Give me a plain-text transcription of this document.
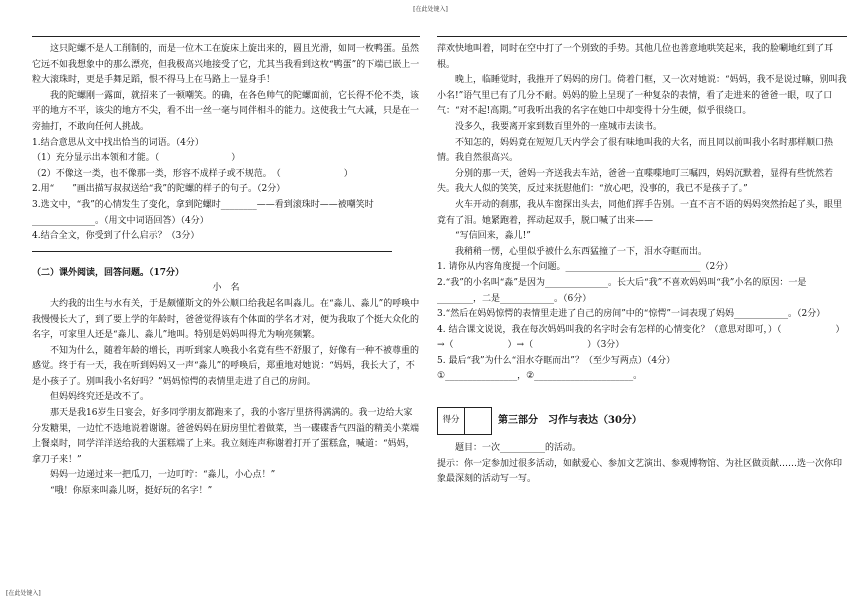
[在此处键入]

这只陀螺不是人工削制的，而是一位木工在旋床上旋出来的，圆且光滑，如同一枚鸭蛋。虽然它远不如我想象中的那么漂亮，但我极高兴地接受了它，尤其当我看到这枚“鸭蛋”的下端已嵌上一粒大滚珠时，更是手舞足蹈，恨不得马上在马路上一显身手！

我的陀螺刚一露面，就招来了一顿嘲笑。的确，在各色帅气的陀螺面前，它长得不伦不类，该平的地方不平，该尖的地方不尖，看不出一丝一毫与同伴相斗的能力。这使我士气大减，只是在一旁抽打，不敢向任何人挑战。

1.结合意思从文中找出恰当的词语。（4分）

（1）充分显示出本领和才能。（　　　　　　　　）

（2）不像这一类，也不像那一类，形容不成样子或不规范。　（　　　　　　　）

2.用“　　”画出描写叔叔送给“我”的陀螺的样子的句子。（2分）

3.选文中，“我”的心情发生了变化，拿到陀螺时________——看到滚珠时——被嘲笑时______________。（用文中词语回答）（4分）

4.结合全文，你受到了什么启示？（3分）

（二）课外阅读，回答问题。（17分）

小　名

大约我的出生与水有关，于是颇懂斯文的外公顺口给我起名叫淼儿。在“淼儿、淼儿”的呼唤中我慢慢长大了，到了要上学的年龄时，爸爸觉得该有个体面的学名才对，便为我取了个挺大众化的名字，可家里人还是“淼儿、淼儿”地叫。特别是妈妈叫得尤为响亮频繁。

不知为什么，随着年龄的增长，再听到家人唤我小名竟有些不舒服了，好像有一种不被尊重的感觉。终于有一天，我在听到妈妈又一声“淼儿”的呼唤后，郑重地对她说：“妈妈，我长大了，不是小孩子了。别叫我小名好吗？”妈妈惊愕的表情里走进了自己的房间。

但妈妈终究还是改不了。

那天是我16岁生日宴会，好多同学朋友都跑来了，我的小客厅里挤得满满的。我一边给大家分发糖果，一边忙不迭地说着谢谢。爸爸妈妈在厨房里忙着做菜，当一碟碟香气四溢的精美小菜端上餐桌时，同学洋洋送给我的大蛋糕端了上来。我立刻连声称谢着打开了蛋糕盒，喊道：“妈妈，拿刀子来！”

妈妈一边递过来一把瓜刀，一边叮咛：“淼儿，小心点！”

“哦！你原来叫淼儿呀，挺好玩的名字！”

萍欢快地叫着，同时在空中打了一个别致的手势。其他几位也善意地哄笑起来，我的脸唰地红到了耳根。

晚上，临睡觉时，我推开了妈妈的房门。倚着门框，又一次对她说：“妈妈，我不是说过嘛，别叫我小名!”语气里已有了几分不耐。妈妈的脸上呈现了一种复杂的表情，看了走进来的爸爸一眼，叹了口气：“对不起!高期。”可我听出我的名字在她口中却变得十分生硬，似乎很绕口。

没多久，我要离开家到数百里外的一座城市去读书。

不知怎的，妈妈竟在短短几天内学会了很有味地叫我的大名，而且同以前叫我小名时那样顺口热情。我自然很高兴。

分别的那一天，爸妈一齐送我去车站，爸爸一直喋喋地叮三嘱四，妈妈沉默着，显得有些恍然若失。我大人似的笑笑，反过来抚慰他们：“放心吧，没事的，我已不是孩子了。”

火车开动的刹那，我从车窗探出头去，同他们挥手告别。一直不言不语的妈妈突然抬起了头，眼里竟有了泪。她紧跑着，挥动起双手，脱口喊了出来——

“写信回来，淼儿!”

我稍稍一愣，心里似乎被什么东西猛撞了一下，泪水夺眶而出。

1. 请你从内容角度提一个问题。______________________________（2分）

2.“我”的小名叫“淼”是因为______________。长大后“我”不喜欢妈妈叫“我”小名的原因：一是________，二是____________。（6分）

3.“然后在妈妈惊愕的表情里走进了自己的房间”中的“惊愕”一词表现了妈妈____________。（2分）

4. 结合课文说说，我在每次妈妈叫我的名字时会有怎样的心情变化？（意思对即可，）（　　　　　　）→（　　　　　　）→（　　　　　　）（3分）

5. 最后“我”为什么“泪水夺眶而出”？（至少写两点）（4分）

①________________，②______________________。

得分	第三部分　习作与表达（30分）

题目：一次__________的活动。

提示：你一定参加过很多活动，如献爱心、参加文艺演出、参观博物馆、为社区做贡献……选一次你印象最深刻的活动写一写。

[在此处键入]
